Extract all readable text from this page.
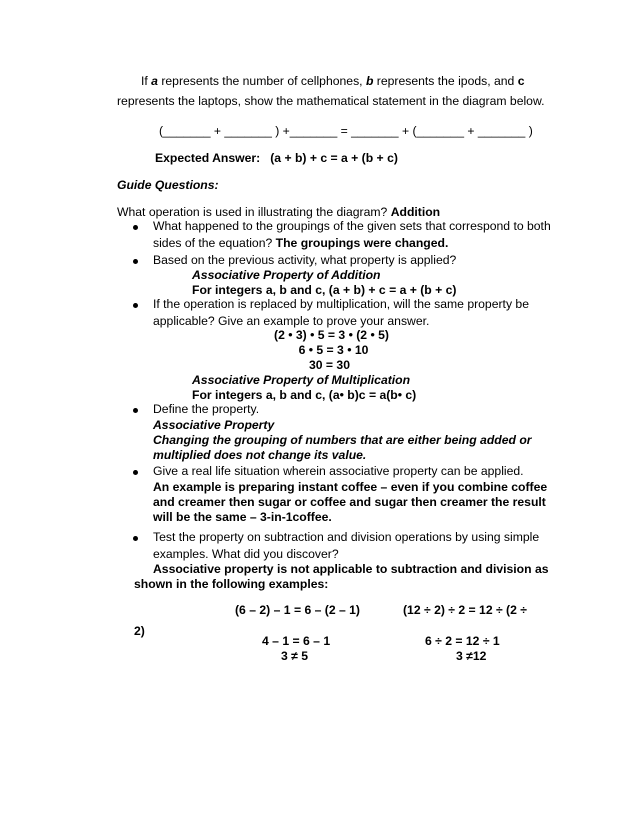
If a represents the number of cellphones, b represents the ipods, and c
represents the laptops, show the mathematical statement in the diagram below.
(_______ + _______ ) +_______ = _______ + (_______ + _______ )
Expected Answer: (a + b) + c = a + (b + c)
Guide Questions:
What operation is used in illustrating the diagram? Addition
What happened to the groupings of the given sets that correspond to both
sides of the equation? The groupings were changed.
Based on the previous activity, what property is applied?
Associative Property of Addition
For integers a, b and c, (a + b) + c = a + (b + c)
If the operation is replaced by multiplication, will the same property be
applicable? Give an example to prove your answer.
(2 • 3) • 5 = 3 • (2 • 5)
6 • 5 = 3 • 10
30 = 30
Associative Property of Multiplication
For integers a, b and c, (a• b)c = a(b• c)
Define the property.
Associative Property
Changing the grouping of numbers that are either being added or
multiplied does not change its value.
Give a real life situation wherein associative property can be applied.
An example is preparing instant coffee – even if you combine coffee
and creamer then sugar or coffee and sugar then creamer the result
will be the same – 3-in-1coffee.
Test the property on subtraction and division operations by using simple
examples. What did you discover?
Associative property is not applicable to subtraction and division as
shown in the following examples:
(6 – 2) – 1 = 6 – (2 – 1)	(12 ÷ 2) ÷ 2 = 12 ÷ (2 ÷
2)
4 – 1 = 6 – 1	6 ÷ 2 = 12 ÷ 1
3 ≠ 5	3 ≠12
